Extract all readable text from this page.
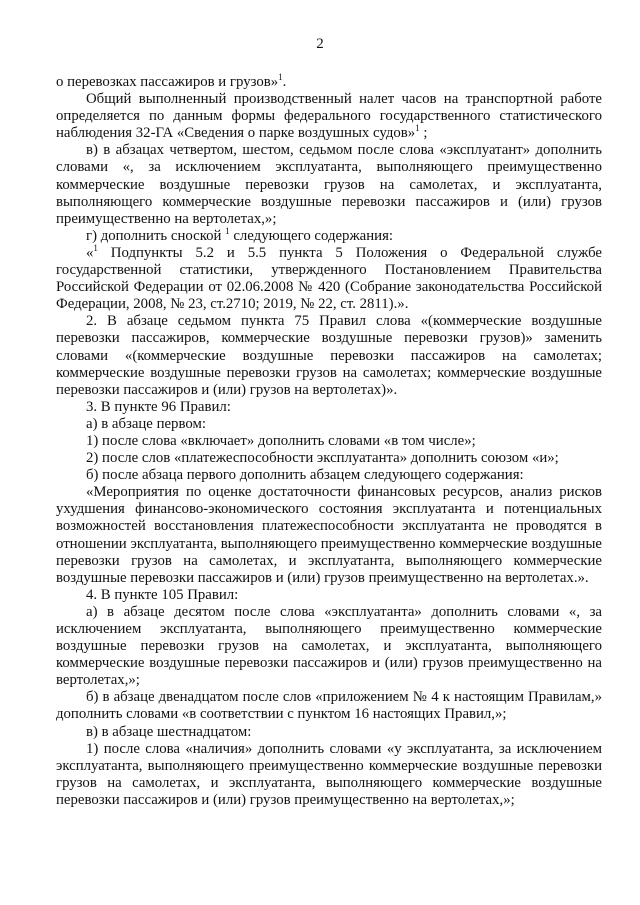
2

о перевозках пассажиров и грузов»$^1$.

Общий выполненный производственный налет часов на транспортной работе определяется по данным формы федерального государственного статистического наблюдения 32-ГА «Сведения о парке воздушных судов»$^1$ ;

в) в абзацах четвертом, шестом, седьмом после слова «эксплуатант» дополнить словами «, за исключением эксплуатанта, выполняющего преимущественно коммерческие воздушные перевозки грузов на самолетах, и эксплуатанта, выполняющего коммерческие воздушные перевозки пассажиров и (или) грузов преимущественно на вертолетах,»;

г) дополнить сноской $^1$ следующего содержания:

«$^1$ Подпункты 5.2 и 5.5 пункта 5 Положения о Федеральной службе государственной статистики, утвержденного Постановлением Правительства Российской Федерации от 02.06.2008 № 420 (Собрание законодательства Российской Федерации, 2008, № 23, ст.2710; 2019, № 22, ст. 2811).».

2. В абзаце седьмом пункта 75 Правил слова «(коммерческие воздушные перевозки пассажиров, коммерческие воздушные перевозки грузов)» заменить словами «(коммерческие воздушные перевозки пассажиров на самолетах; коммерческие воздушные перевозки грузов на самолетах; коммерческие воздушные перевозки пассажиров и (или) грузов на вертолетах)».

3. В пункте 96 Правил:

а) в абзаце первом:

1) после слова «включает» дополнить словами «в том числе»;

2) после слов «платежеспособности эксплуатанта» дополнить союзом «и»;

б) после абзаца первого дополнить абзацем следующего содержания:

«Мероприятия по оценке достаточности финансовых ресурсов, анализ рисков ухудшения финансово-экономического состояния эксплуатанта и потенциальных возможностей восстановления платежеспособности эксплуатанта не проводятся в отношении эксплуатанта, выполняющего преимущественно коммерческие воздушные перевозки грузов на самолетах, и эксплуатанта, выполняющего коммерческие воздушные перевозки пассажиров и (или) грузов преимущественно на вертолетах.».

4. В пункте 105 Правил:

а) в абзаце десятом после слова «эксплуатанта» дополнить словами «, за исключением эксплуатанта, выполняющего преимущественно коммерческие воздушные перевозки грузов на самолетах, и эксплуатанта, выполняющего коммерческие воздушные перевозки пассажиров и (или) грузов преимущественно на вертолетах,»;

б) в абзаце двенадцатом после слов «приложением № 4 к настоящим Правилам,» дополнить словами «в соответствии с пунктом 16 настоящих Правил,»;

в) в абзаце шестнадцатом:

1) после слова «наличия» дополнить словами «у эксплуатанта, за исключением эксплуатанта, выполняющего преимущественно коммерческие воздушные перевозки грузов на самолетах, и эксплуатанта, выполняющего коммерческие воздушные перевозки пассажиров и (или) грузов преимущественно на вертолетах,»;
